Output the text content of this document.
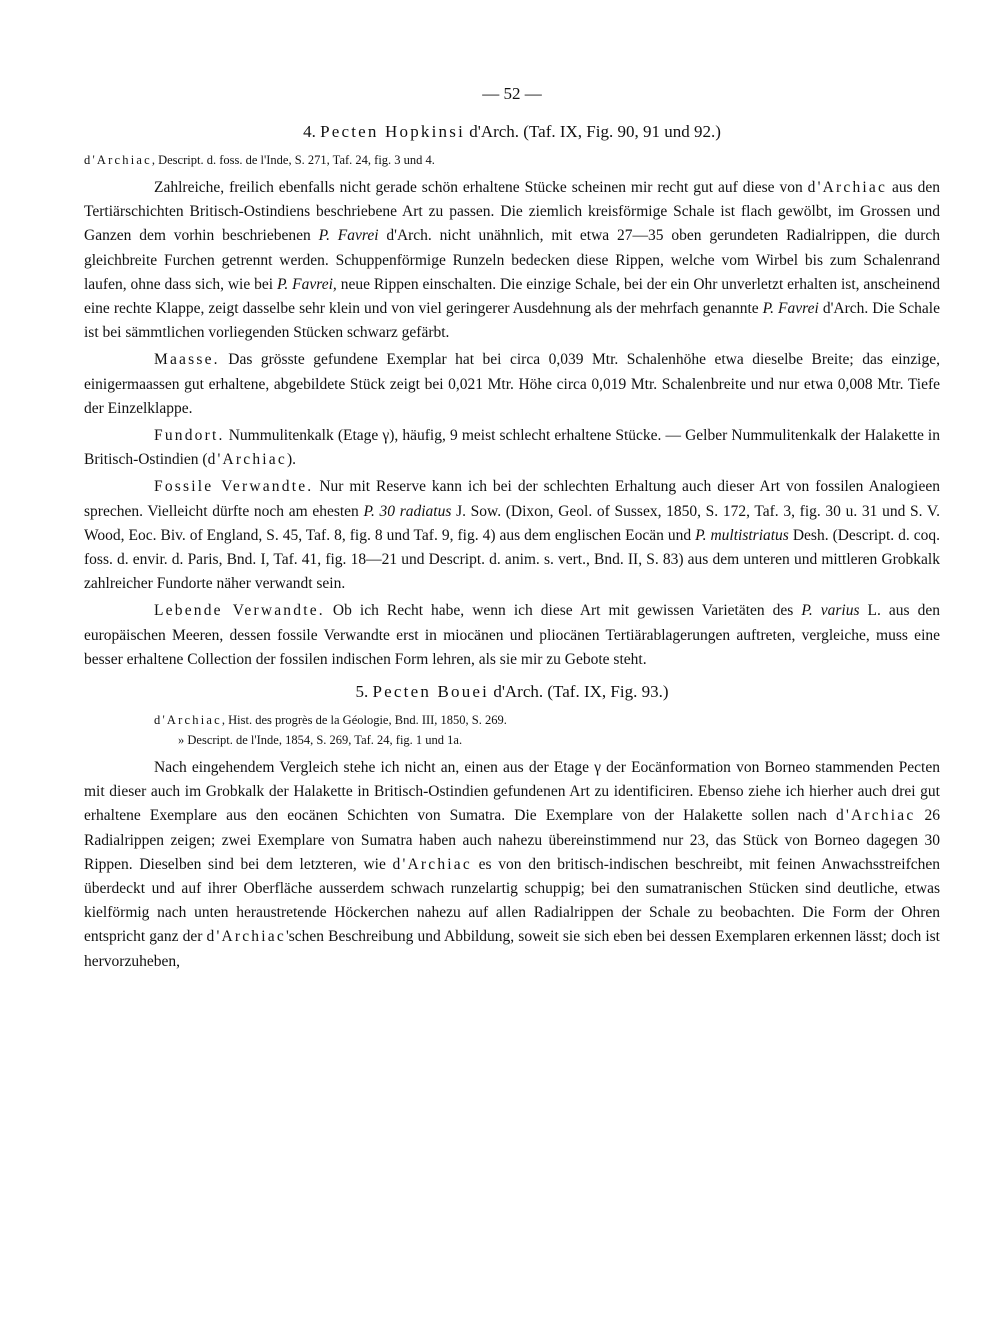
— 52 —
4. Pecten Hopkinsi d'Arch. (Taf. IX, Fig. 90, 91 und 92.)

d'Archiac, Descript. d. foss. de l'Inde, S. 271, Taf. 24, fig. 3 und 4.

Zahlreiche, freilich ebenfalls nicht gerade schön erhaltene Stücke scheinen mir recht gut auf diese von d'Archiac aus den Tertiärschichten Britisch-Ostindiens beschriebene Art zu passen. Die ziemlich kreisförmige Schale ist flach gewölbt, im Grossen und Ganzen dem vorhin beschriebenen P. Favrei d'Arch. nicht unähnlich, mit etwa 27—35 oben gerundeten Radialrippen, die durch gleichbreite Furchen getrennt werden. Schuppenförmige Runzeln bedecken diese Rippen, welche vom Wirbel bis zum Schalenrand laufen, ohne dass sich, wie bei P. Favrei, neue Rippen einschalten. Die einzige Schale, bei der ein Ohr unverletzt erhalten ist, anscheinend eine rechte Klappe, zeigt dasselbe sehr klein und von viel geringerer Ausdehnung als der mehrfach genannte P. Favrei d'Arch. Die Schale ist bei sämmtlichen vorliegenden Stücken schwarz gefärbt.

Maasse. Das grösste gefundene Exemplar hat bei circa 0,039 Mtr. Schalenhöhe etwa dieselbe Breite; das einzige, einigermaassen gut erhaltene, abgebildete Stück zeigt bei 0,021 Mtr. Höhe circa 0,019 Mtr. Schalenbreite und nur etwa 0,008 Mtr. Tiefe der Einzelklappe.

Fundort. Nummulitenkalk (Etage γ), häufig, 9 meist schlecht erhaltene Stücke. — Gelber Nummulitenkalk der Halakette in Britisch-Ostindien (d'Archiac).

Fossile Verwandte. Nur mit Reserve kann ich bei der schlechten Erhaltung auch dieser Art von fossilen Analogieen sprechen. Vielleicht dürfte noch am ehesten P. 30 radiatus J. Sow. (Dixon, Geol. of Sussex, 1850, S. 172, Taf. 3, fig. 30 u. 31 und S. V. Wood, Eoc. Biv. of England, S. 45, Taf. 8, fig. 8 und Taf. 9, fig. 4) aus dem englischen Eocän und P. multistriatus Desh. (Descript. d. coq. foss. d. envir. d. Paris, Bnd. I, Taf. 41, fig. 18—21 und Descript. d. anim. s. vert., Bnd. II, S. 83) aus dem unteren und mittleren Grobkalk zahlreicher Fundorte näher verwandt sein.

Lebende Verwandte. Ob ich Recht habe, wenn ich diese Art mit gewissen Varietäten des P. varius L. aus den europäischen Meeren, dessen fossile Verwandte erst in miocänen und pliocänen Tertiärablagerungen auftreten, vergleiche, muss eine besser erhaltene Collection der fossilen indischen Form lehren, als sie mir zu Gebote steht.

5. Pecten Bouei d'Arch. (Taf. IX, Fig. 93.)

d'Archiac, Hist. des progrès de la Géologie, Bnd. III, 1850, S. 269.

» Descript. de l'Inde, 1854, S. 269, Taf. 24, fig. 1 und 1a.

Nach eingehendem Vergleich stehe ich nicht an, einen aus der Etage γ der Eocänformation von Borneo stammenden Pecten mit dieser auch im Grobkalk der Halakette in Britisch-Ostindien gefundenen Art zu identificiren. Ebenso ziehe ich hierher auch drei gut erhaltene Exemplare aus den eocänen Schichten von Sumatra. Die Exemplare von der Halakette sollen nach d'Archiac 26 Radialrippen zeigen; zwei Exemplare von Sumatra haben auch nahezu übereinstimmend nur 23, das Stück von Borneo dagegen 30 Rippen. Dieselben sind bei dem letzteren, wie d'Archiac es von den britisch-indischen beschreibt, mit feinen Anwachsstreifchen überdeckt und auf ihrer Oberfläche ausserdem schwach runzelartig schuppig; bei den sumatranischen Stücken sind deutliche, etwas kielförmig nach unten heraustretende Höckerchen nahezu auf allen Radialrippen der Schale zu beobachten. Die Form der Ohren entspricht ganz der d'Archiac'schen Beschreibung und Abbildung, soweit sie sich eben bei dessen Exemplaren erkennen lässt; doch ist hervorzuheben,
